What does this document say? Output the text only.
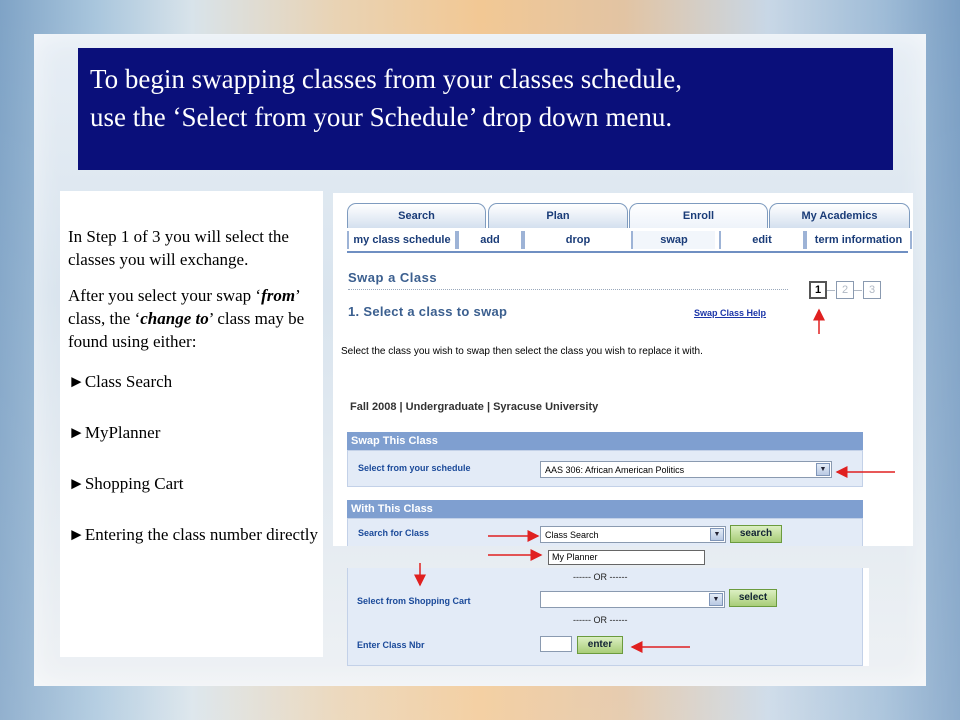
To begin swapping classes from your classes schedule,
use the ‘Select from your Schedule’ drop down menu.

In Step 1 of 3 you will select the classes you will exchange.

After you select your swap ‘from’ class, the ‘change to’ class may be found using either:

►Class Search
►MyPlanner
►Shopping Cart
►Entering the class number directly
Search	Plan	Enroll	My Academics
my class schedule	add	drop	swap	edit	term information
Swap a Class
1. Select a class to swap
1	2	3
Swap Class Help
Select the class you wish to swap then select the class you wish to replace it with.
Fall 2008 | Undergraduate | Syracuse University
Swap This Class
Select from your schedule	AAS 306: African American Politics	▼
With This Class
Search for Class	Class Search	▼	search
My Planner
------ OR ------
Select from Shopping Cart	▼	select
------ OR ------
Enter Class Nbr	enter
